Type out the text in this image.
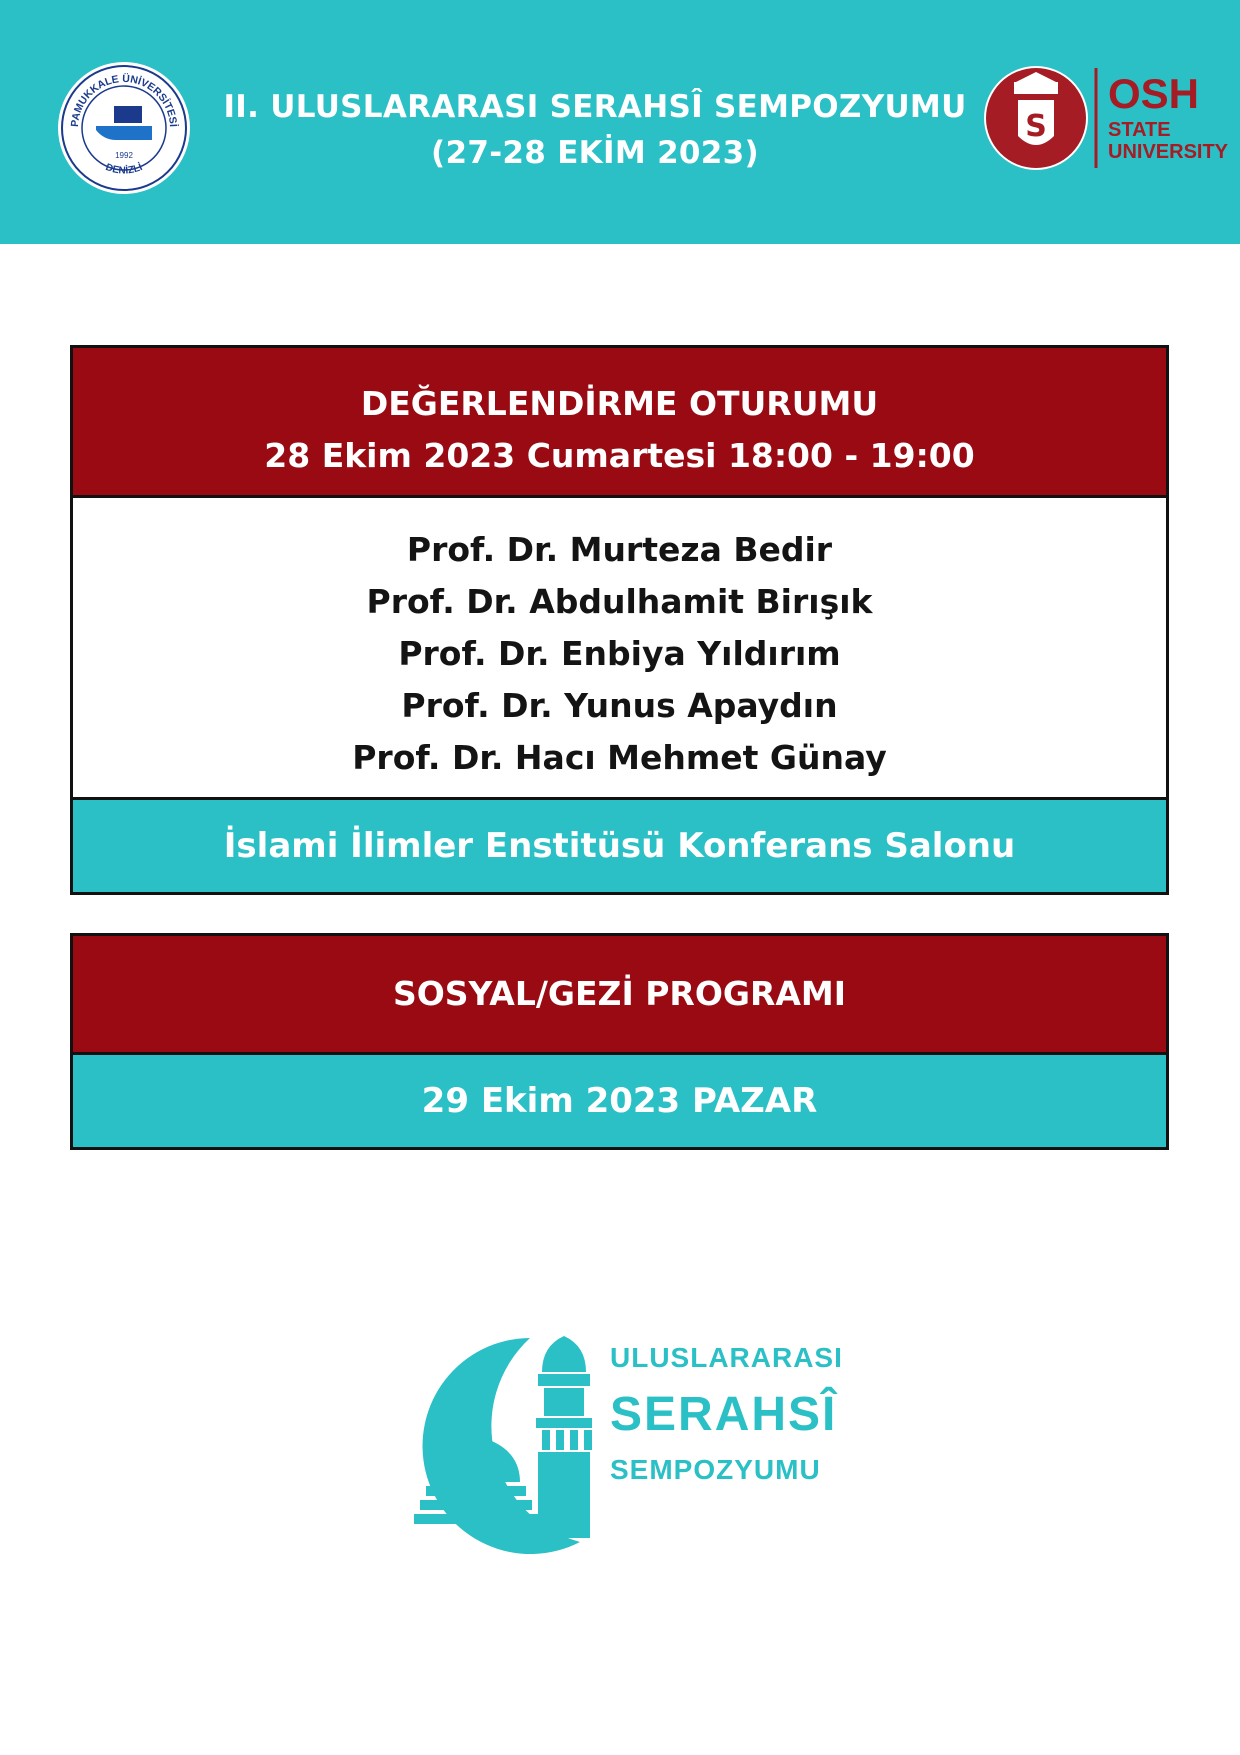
PAMUKKALE ÜNİVERSİTESİ
DENİZLİ
1992
II. ULUSLARARASI SERAHSÎ SEMPOZYUMU
(27-28 EKİM 2023)
S
OSH
STATE
UNIVERSITY
DEĞERLENDİRME OTURUMU
28 Ekim 2023 Cumartesi 18:00 - 19:00
Prof. Dr. Murteza Bedir
Prof. Dr. Abdulhamit Birışık
Prof. Dr. Enbiya Yıldırım
Prof. Dr. Yunus Apaydın
Prof. Dr. Hacı Mehmet Günay
İslami İlimler Enstitüsü Konferans Salonu
SOSYAL/GEZİ PROGRAMI
29 Ekim 2023 PAZAR
ULUSLARARASI
SERAHSÎ
SEMPOZYUMU
